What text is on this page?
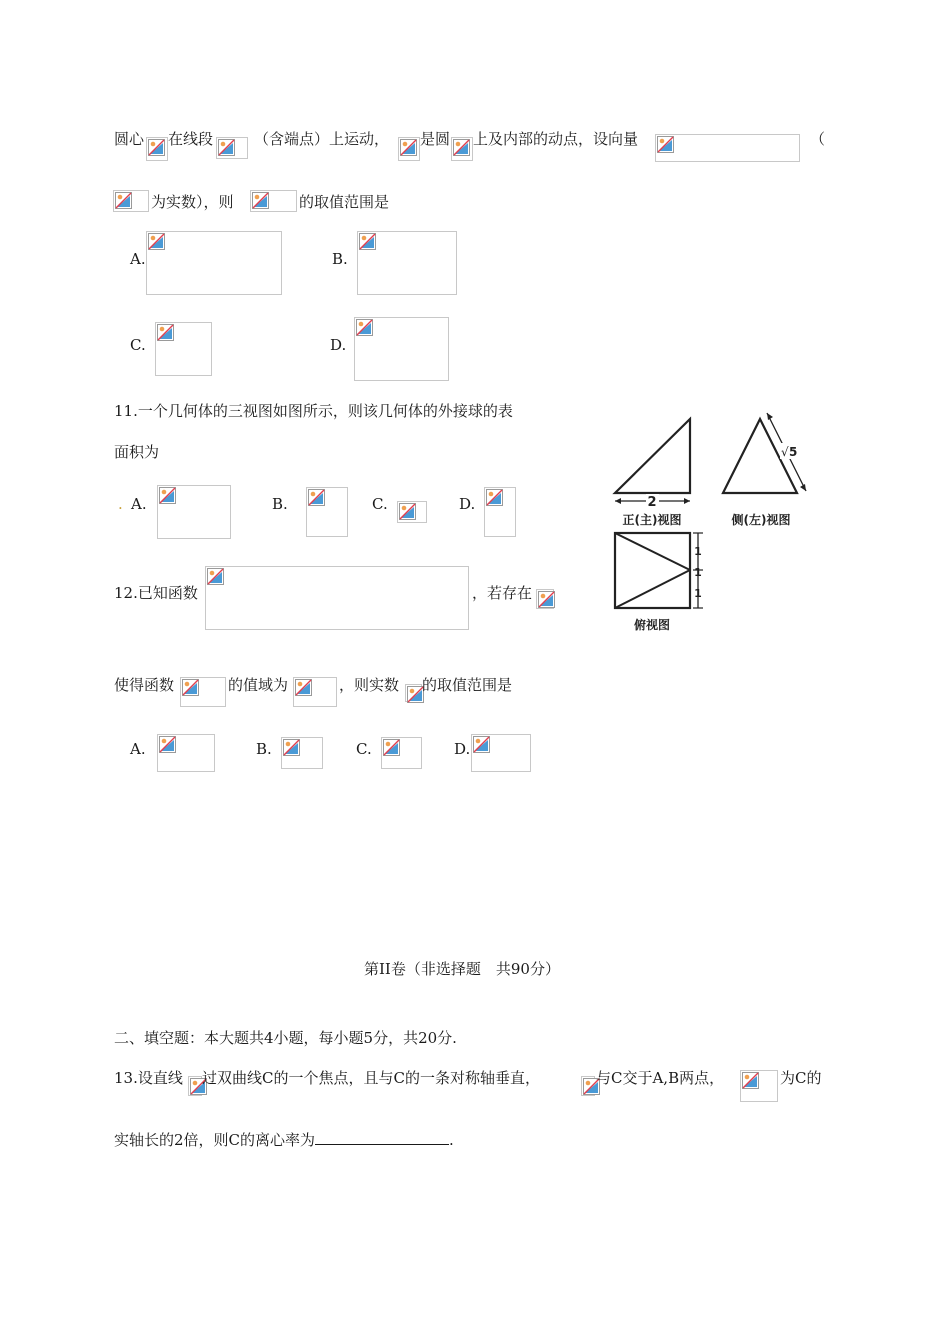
圆心 在线段	（含端点）上运动， 是圆 上及内部的动点，设向量	（
为实数），则	的取值范围是
A.	B.
C.	D.
11.一个几何体的三视图如图所示，则该几何体的外接球的表
面积为
. A.	B.	C.	D.	2
正(主)视图
√ 5
侧(左)视图
1
1
1
俯视图
12.已知函数	，若存在
使得函数	的值域为	，则实数 的取值范围是
A.	B.	C.	D.
第II卷（非选择题　共90分）
二、填空题：本大题共4小题，每小题5分，共20分.
13.设直线 过双曲线C的一个焦点，且与C的一条对称轴垂直，	与C交于A,B两点，	为C的
实轴长的2倍，则C的离心率为	.
